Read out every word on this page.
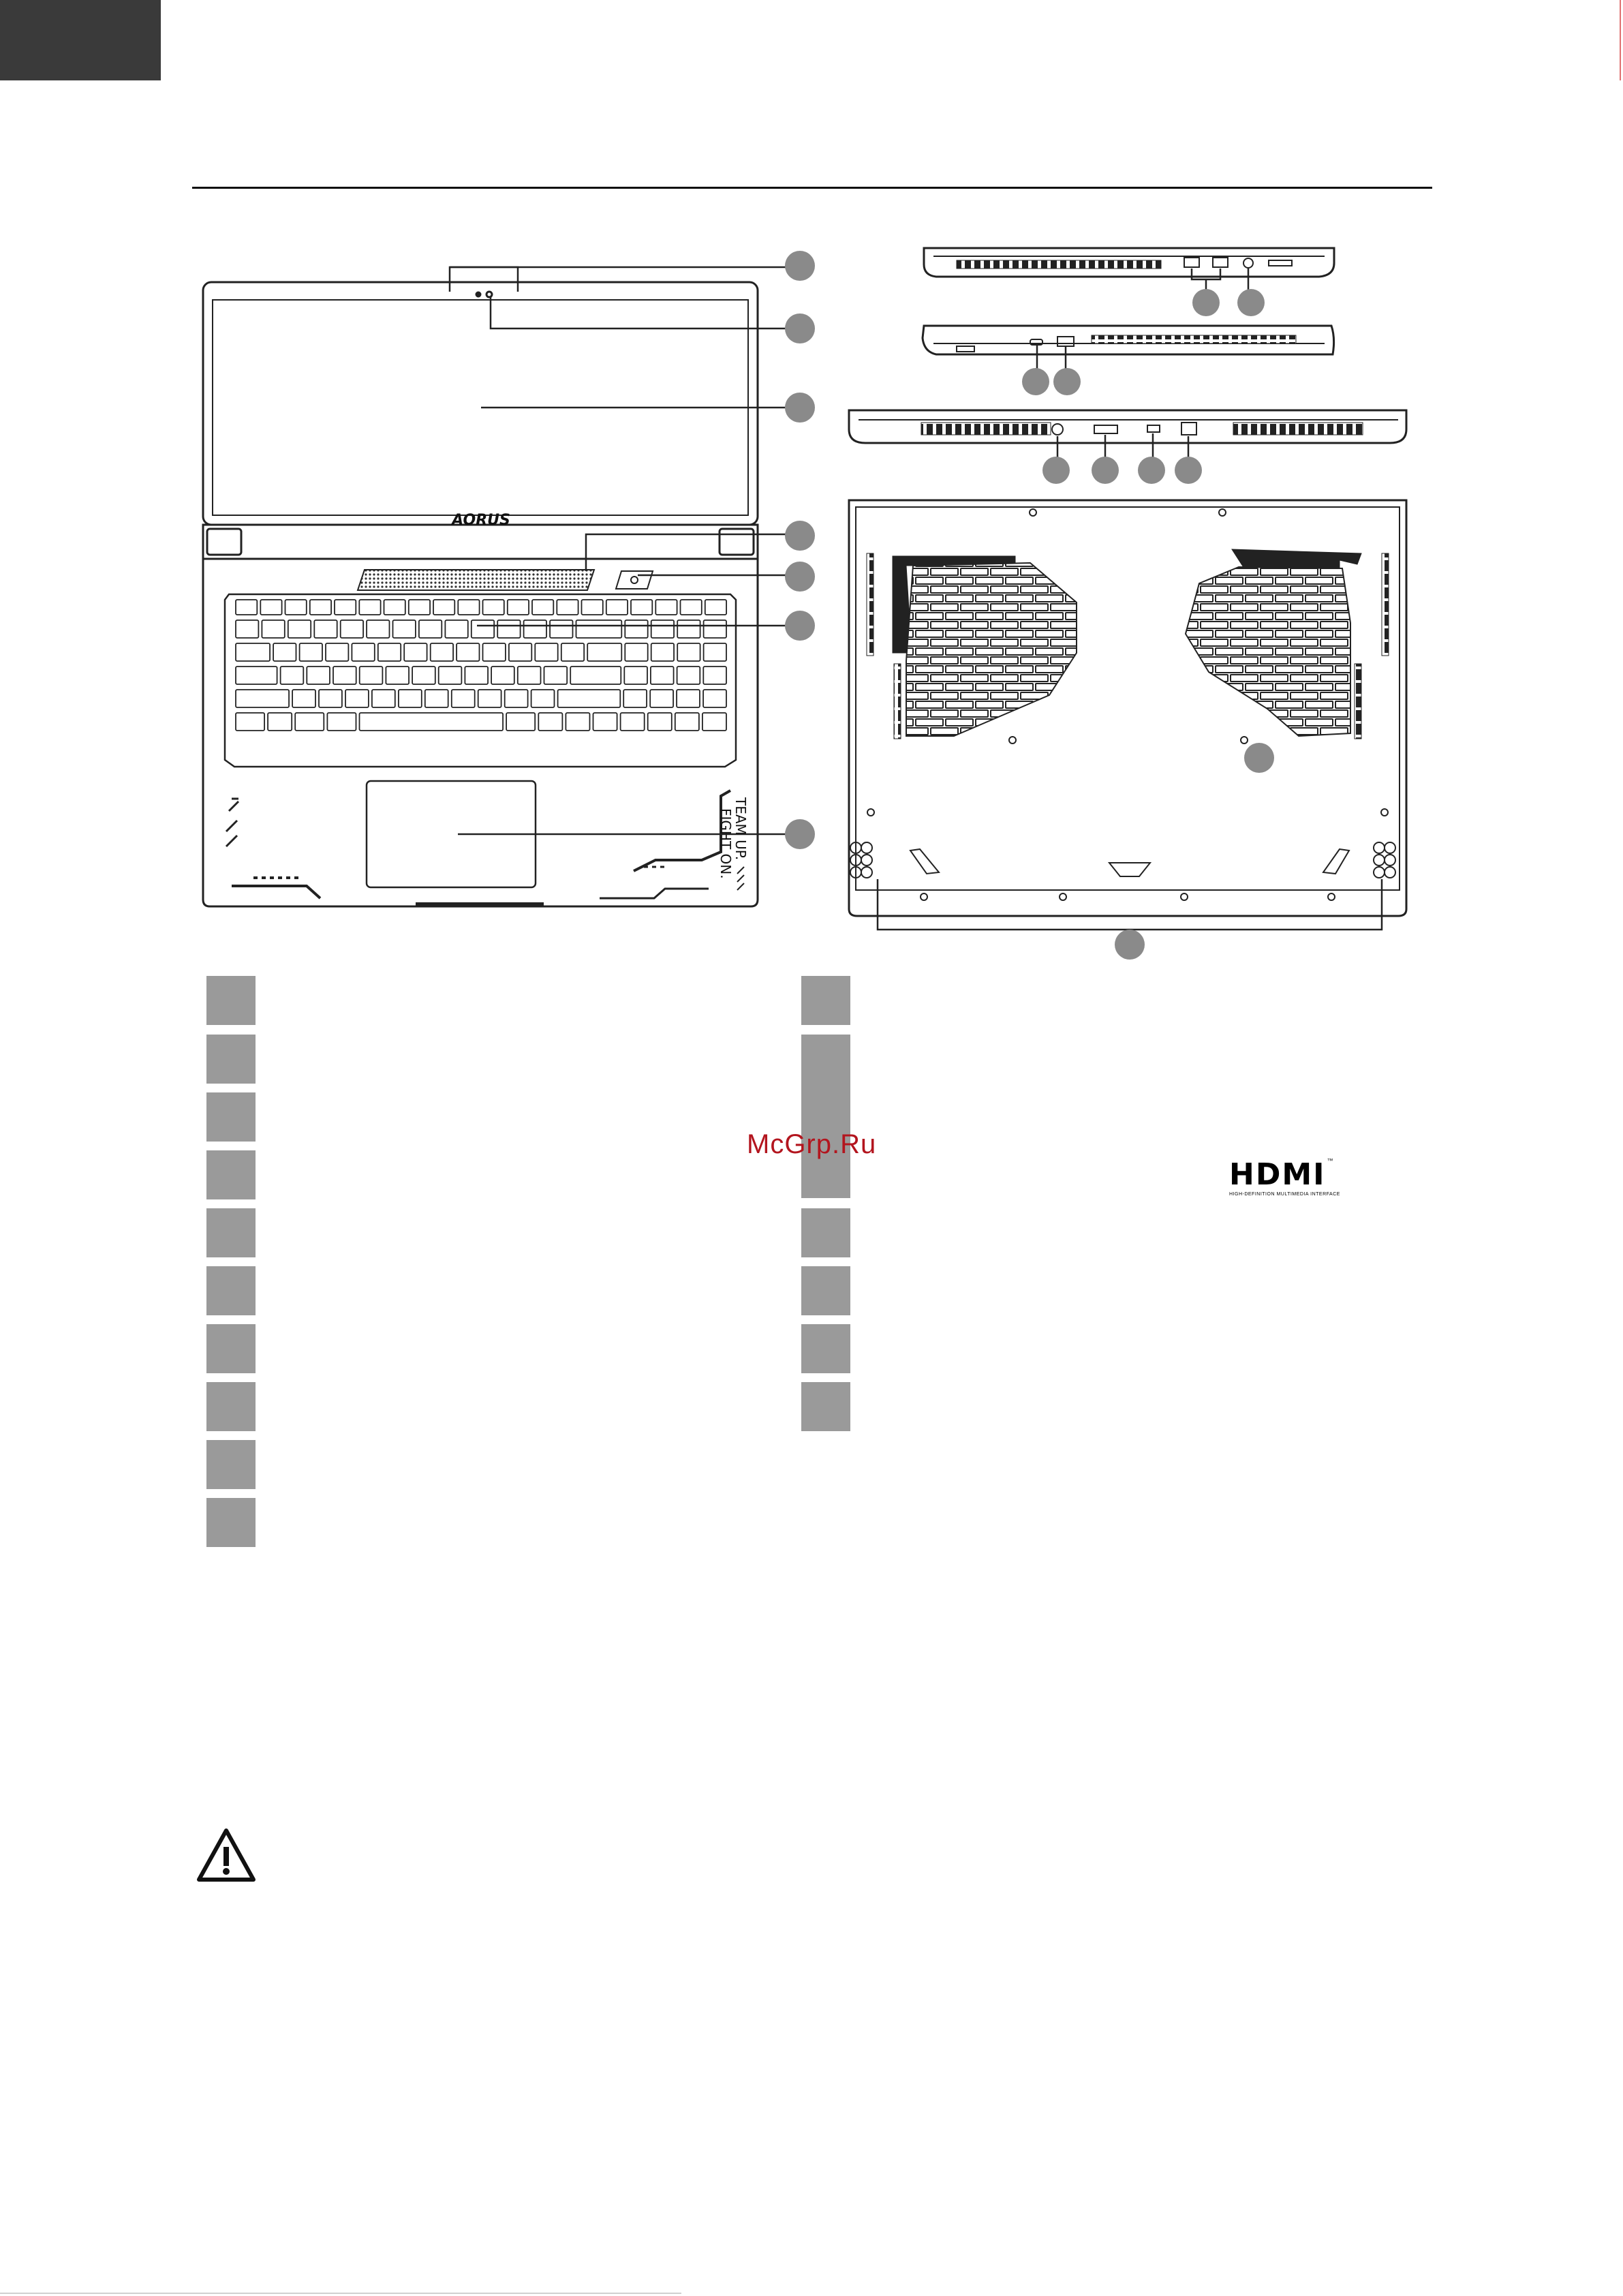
AORUS
TEAM UP.
FIGHT ON.
McGrp.Ru
HDMI ™
HIGH-DEFINITION MULTIMEDIA INTERFACE
